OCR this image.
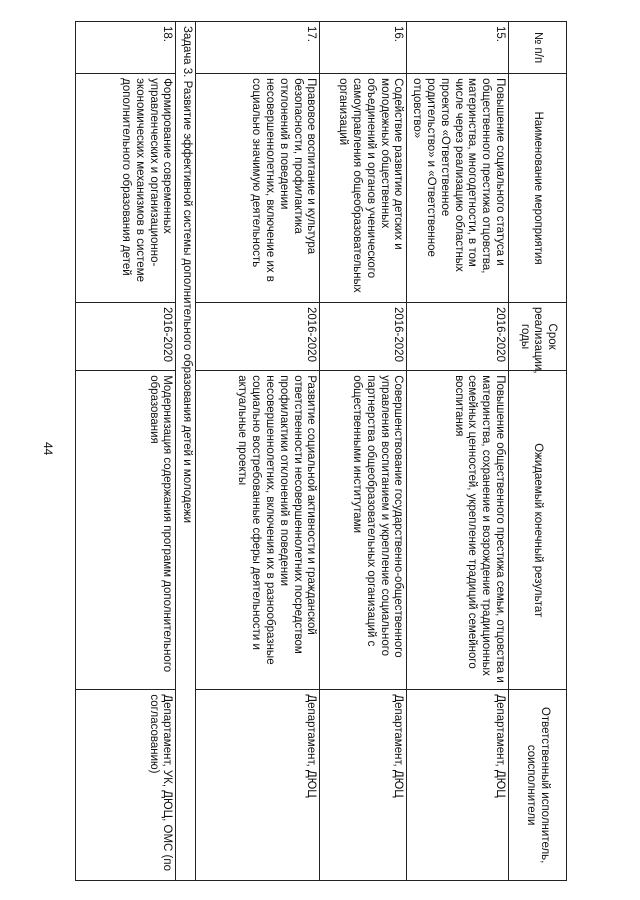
44
№ п/п	Наименование мероприятия	Срок реализации, годы	Ожидаемый конечный результат	Ответственный исполнитель, соисполнители
15.	Повышение социального статуса и общественного престижа отцовства, материнства, многодетности, в том числе через реализацию областных проектов «Ответственное родительство» и «Ответственное отцовство»	2016-2020	Повышение общественного престижа семьи, отцовства и материнства, сохранение и возрождение традиционных семейных ценностей, укрепление традиций семейного воспитания	Департамент, ДЮЦ
16.	Содействие развитию детских и молодежных общественных объединений и органов ученического самоуправления общеобразовательных организаций	2016-2020	Совершенствование государственно-общественного управления воспитанием и укрепление социального партнерства общеобразовательных организаций с общественными институтами	Департамент, ДЮЦ
17.	Правовое воспитание и культура безопасности, профилактика отклонений в поведении несовершеннолетних, включение их в социально значимую деятельность	2016-2020	Развитие социальной активности и гражданской ответственности несовершеннолетних посредством профилактики отклонений в поведении несовершеннолетних, включения их в разнообразные социально востребованные сферы деятельности и актуальные проекты	Департамент, ДЮЦ
Задача 3. Развитие эффективной системы дополнительного образования детей и молодежи				
18.	Формирование современных управленческих и организационно-экономических механизмов в системе дополнительного образования детей	2016-2020	Модернизация содержания программ дополнительного образования	Департамент, УК, ДЮЦ, ОМС (по согласованию)
